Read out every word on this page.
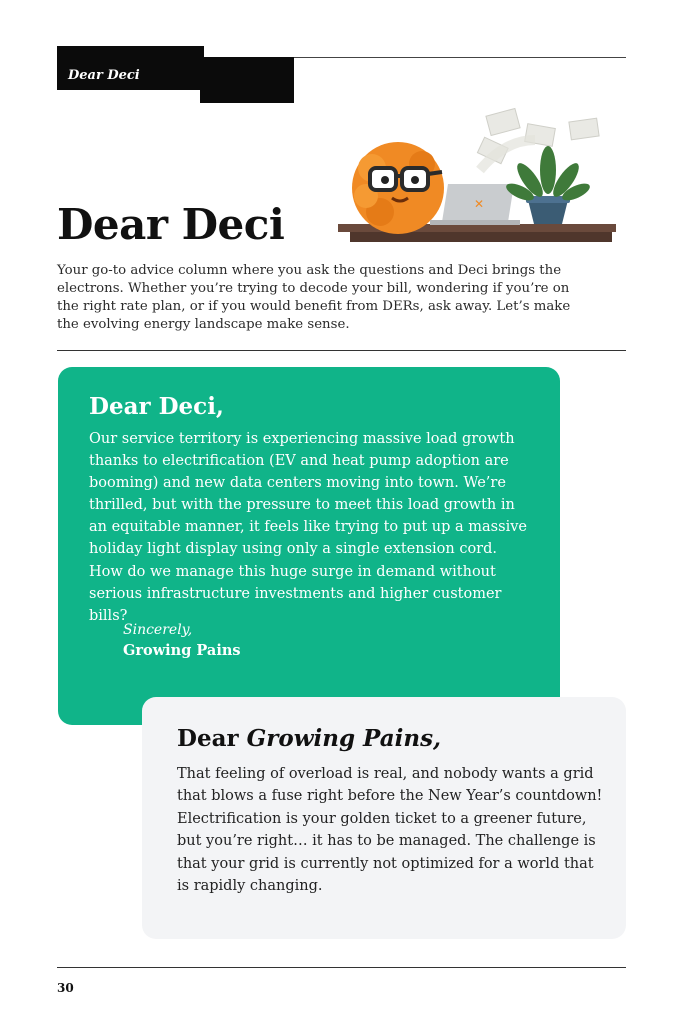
Dear Deci
✕
Dear Deci

Your go-to advice column where you ask the questions and Deci brings the electrons. Whether you’re trying to decode your bill, wondering if you’re on the right rate plan, or if you would benefit from DERs, ask away. Let’s make the evolving energy landscape make sense.

Dear Deci,

Our service territory is experiencing massive load growth thanks to electrification (EV and heat pump adoption are booming) and new data centers moving into town. We’re thrilled, but with the pressure to meet this load growth in an equitable manner, it feels like trying to put up a massive holiday light display using only a single extension cord. How do we manage this huge surge in demand without serious infrastructure investments and higher customer bills?

Sincerely,
Growing Pains
Dear Growing Pains,

That feeling of overload is real, and nobody wants a grid that blows a fuse right before the New Year’s countdown! Electrification is your golden ticket to a greener future, but you’re right… it has to be managed. The challenge is that your grid is currently not optimized for a world that is rapidly changing.

30
